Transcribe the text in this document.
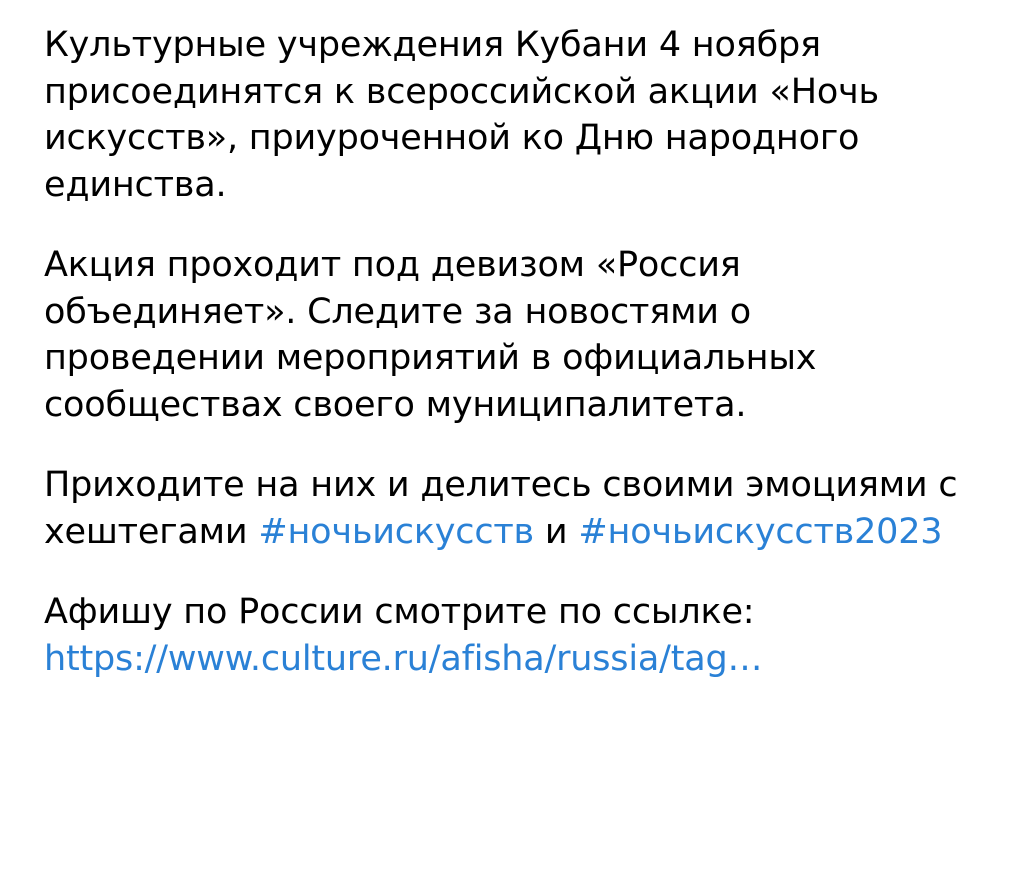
Культурные учреждения Кубани 4 ноября присоединятся к всероссийской акции «Ночь искусств», приуроченной ко Дню народного единства.

Акция проходит под девизом «Россия объединяет». Следите за новостями о проведении мероприятий в официальных сообществах своего муниципалитета.

Приходите на них и делитесь своими эмоциями с хештегами #ночьискусств и #ночьискусств2023

Афишу по России смотрите по ссылке:
https://www.culture.ru/afisha/russia/tag…
